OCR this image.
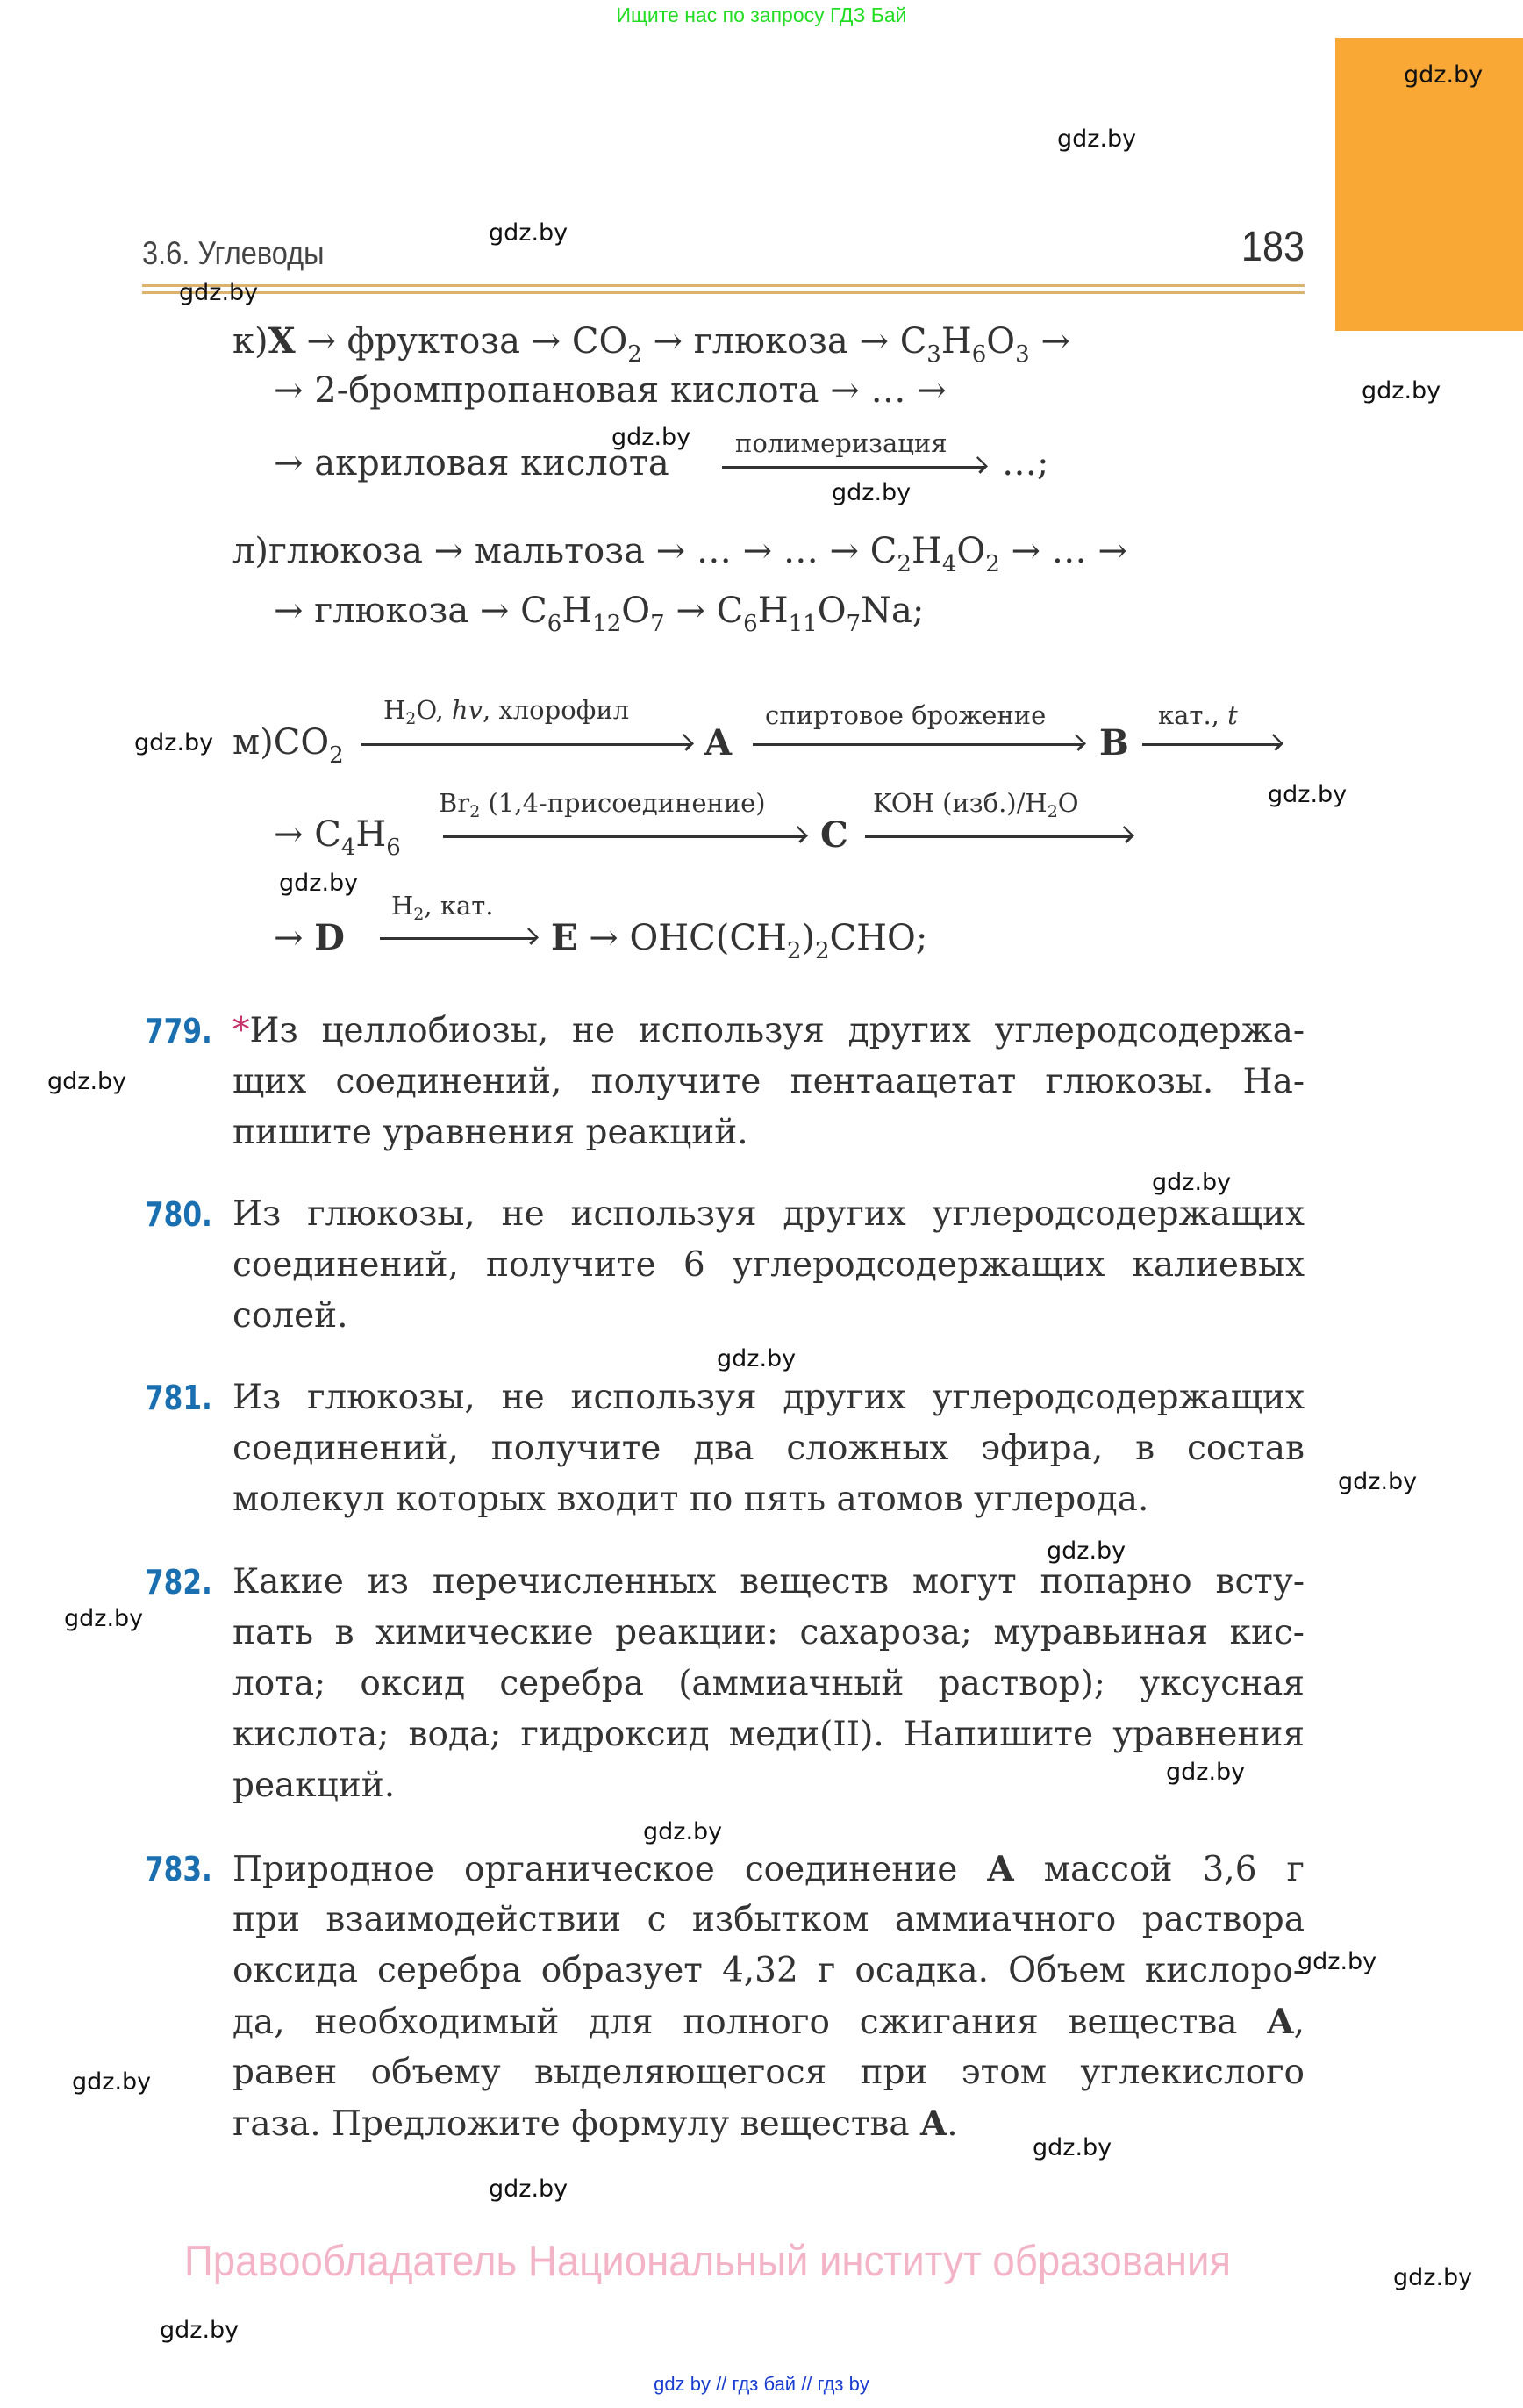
Ищите нас по запросу ГДЗ Бай
3.6. Углеводы	183
к)X → фруктоза → $CO_2$ → глюкоза → $C_3H_6O_3$ →
→ 2-бромпропановая кислота → … →
→ акриловая кислота	полимеризация …;
л)глюкоза → мальтоза → … → … → $C_2H_4O_2$ → … →
→ глюкоза → $C_6H_{12}O_7 \to C_6H_{11}O_7Na$;
$м)CO_2$
$H_2O$, hv, хлорофил
A
спиртовое брожение
B
кат., t
→ $C_4H_6$
$Br_2$ (1,4-присоединение)
C
KOH $(изб.)/H_2O$
→ D
$H_2$, кат.
$E \to OHC(CH_2)_2CHO$;
779. *Из целлобиозы, не используя других углеродсодержа-
щих соединений, получите пентаацетат глюкозы. На-
пишите уравнения реакций.
780. Из глюкозы, не используя других углеродсодержащих
соединений, получите 6 углеродсодержащих калиевых
солей.
781. Из глюкозы, не используя других углеродсодержащих
соединений, получите два сложных эфира, в состав
молекул которых входит по пять атомов углерода.
782. Какие из перечисленных веществ могут попарно всту-
пать в химические реакции: сахароза; муравьиная кис-
лота; оксид серебра (аммиачный раствор); уксусная
кислота; вода; гидроксид меди(II). Напишите уравнения
реакций.
783. Природное органическое соединение A массой 3,6 г
при взаимодействии с избытком аммиачного раствора
оксида серебра образует 4,32 г осадка. Объем кислоро-
да, необходимый для полного сжигания вещества A,
равен объему выделяющегося при этом углекислого
газа. Предложите формулу вещества A.
Правообладатель Национальный институт образования
gdz by // гдз бай // гдз by
gdz.by
gdz.by
gdz.by
gdz.by
gdz.by
gdz.by
gdz.by
gdz.by
gdz.by
gdz.by
gdz.by
gdz.by
gdz.by
gdz.by
gdz.by
gdz.by
gdz.by
gdz.by
gdz.by
gdz.by
gdz.by
gdz.by
gdz.by
gdz.by
